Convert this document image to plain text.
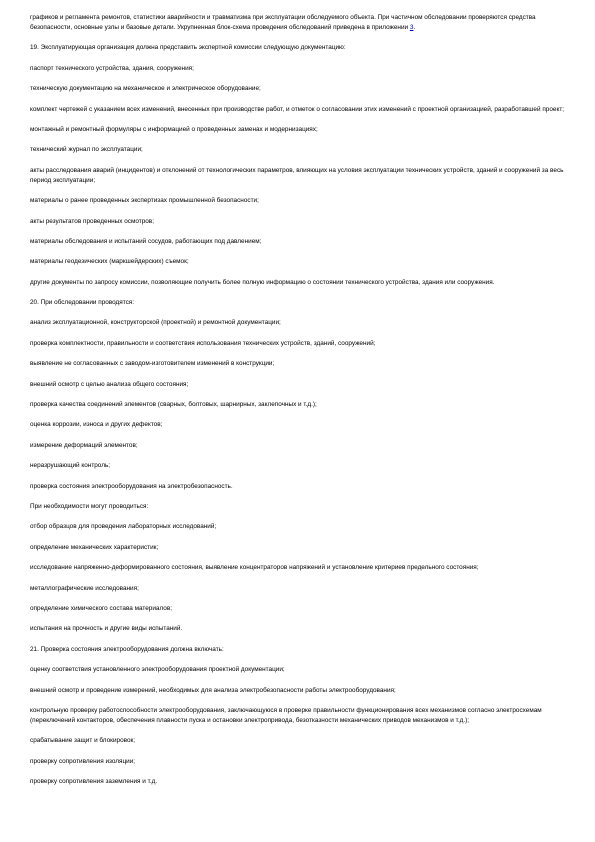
графиков и регламента ремонтов, статистики аварийности и травматизма при эксплуатации обследуемого объекта. При частичном обследовании проверяются средства безопасности, основные узлы и базовые детали. Укрупненная блок-схема проведения обследований приведена в приложении 3.

19. Эксплуатирующая организация должна представить экспертной комиссии следующую документацию:

паспорт технического устройства, здания, сооружения;

техническую документацию на механическое и электрическое оборудование;

комплект чертежей с указанием всех изменений, внесенных при производстве работ, и отметок о согласовании этих изменений с проектной организацией, разработавшей проект;

монтажный и ремонтный формуляры с информацией о проведенных заменах и модернизациях;

технический журнал по эксплуатации;

акты расследования аварий (инцидентов) и отклонений от технологических параметров, влияющих на условия эксплуатации технических устройств, зданий и сооружений за весь период эксплуатации;

материалы о ранее проведенных экспертизах промышленной безопасности;

акты результатов проведенных осмотров;

материалы обследования и испытаний сосудов, работающих под давлением;

материалы геодезических (маркшейдерских) съемок;

другие документы по запросу комиссии, позволяющие получить более полную информацию о состоянии технического устройства, здания или сооружения.

20. При обследовании проводятся:

анализ эксплуатационной, конструкторской (проектной) и ремонтной документации;

проверка комплектности, правильности и соответствия использования технических устройств, зданий, сооружений;

выявление не согласованных с заводом-изготовителем изменений в конструкции;

внешний осмотр с целью анализа общего состояния;

проверка качества соединений элементов (сварных, болтовых, шарнирных, заклепочных и т.д.);

оценка коррозии, износа и других дефектов;

измерение деформаций элементов;

неразрушающий контроль;

проверка состояния электрооборудования на электробезопасность.

При необходимости могут проводиться:

отбор образцов для проведения лабораторных исследований;

определение механических характеристик;

исследование напряженно-деформированного состояния, выявление концентраторов напряжений и установление критериев предельного состояния;

металлографические исследования;

определение химического состава материалов;

испытания на прочность и другие виды испытаний.

21. Проверка состояния электрооборудования должна включать:

оценку соответствия установленного электрооборудования проектной документации;

внешний осмотр и проведение измерений, необходимых для анализа электробезопасности работы электрооборудования;

контрольную проверку работоспособности электрооборудования, заключающуюся в проверке правильности функционирования всех механизмов согласно электросхемам (переключений контакторов, обеспечения плавности пуска и остановки электропривода, безотказности механических приводов механизмов и т.д.);

срабатывание защит и блокировок;

проверку сопротивления изоляции;

проверку сопротивления заземления и т.д.
